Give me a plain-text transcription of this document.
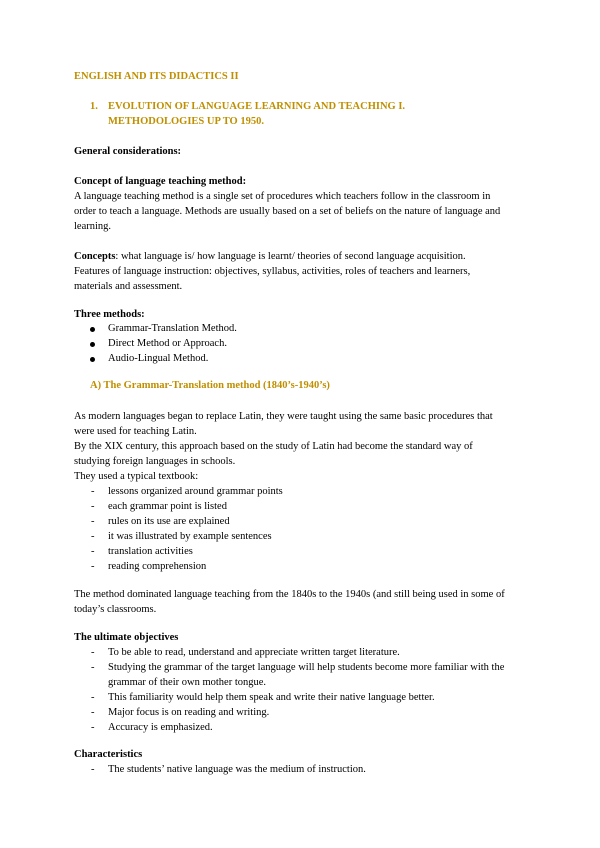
ENGLISH AND ITS DIDACTICS II
1. EVOLUTION OF LANGUAGE LEARNING AND TEACHING I.
METHODOLOGIES UP TO 1950.
General considerations:
Concept of language teaching method:
A language teaching method is a single set of procedures which teachers follow in the classroom in
order to teach a language. Methods are usually based on a set of beliefs on the nature of language and
learning.
Concepts: what language is/ how language is learnt/ theories of second language acquisition.
Features of language instruction: objectives, syllabus, activities, roles of teachers and learners,
materials and assessment.
Three methods:
Grammar-Translation Method.
Direct Method or Approach.
Audio-Lingual Method.
A) The Grammar-Translation method (1840’s-1940’s)
As modern languages began to replace Latin, they were taught using the same basic procedures that
were used for teaching Latin.
By the XIX century, this approach based on the study of Latin had become the standard way of
studying foreign languages in schools.
They used a typical textbook:
- lessons organized around grammar points
- each grammar point is listed
- rules on its use are explained
- it was illustrated by example sentences
- translation activities
- reading comprehension
The method dominated language teaching from the 1840s to the 1940s (and still being used in some of
today’s classrooms.
The ultimate objectives
- To be able to read, understand and appreciate written target literature.
- Studying the grammar of the target language will help students become more familiar with the
grammar of their own mother tongue.
- This familiarity would help them speak and write their native language better.
- Major focus is on reading and writing.
- Accuracy is emphasized.
Characteristics
- The students’ native language was the medium of instruction.
